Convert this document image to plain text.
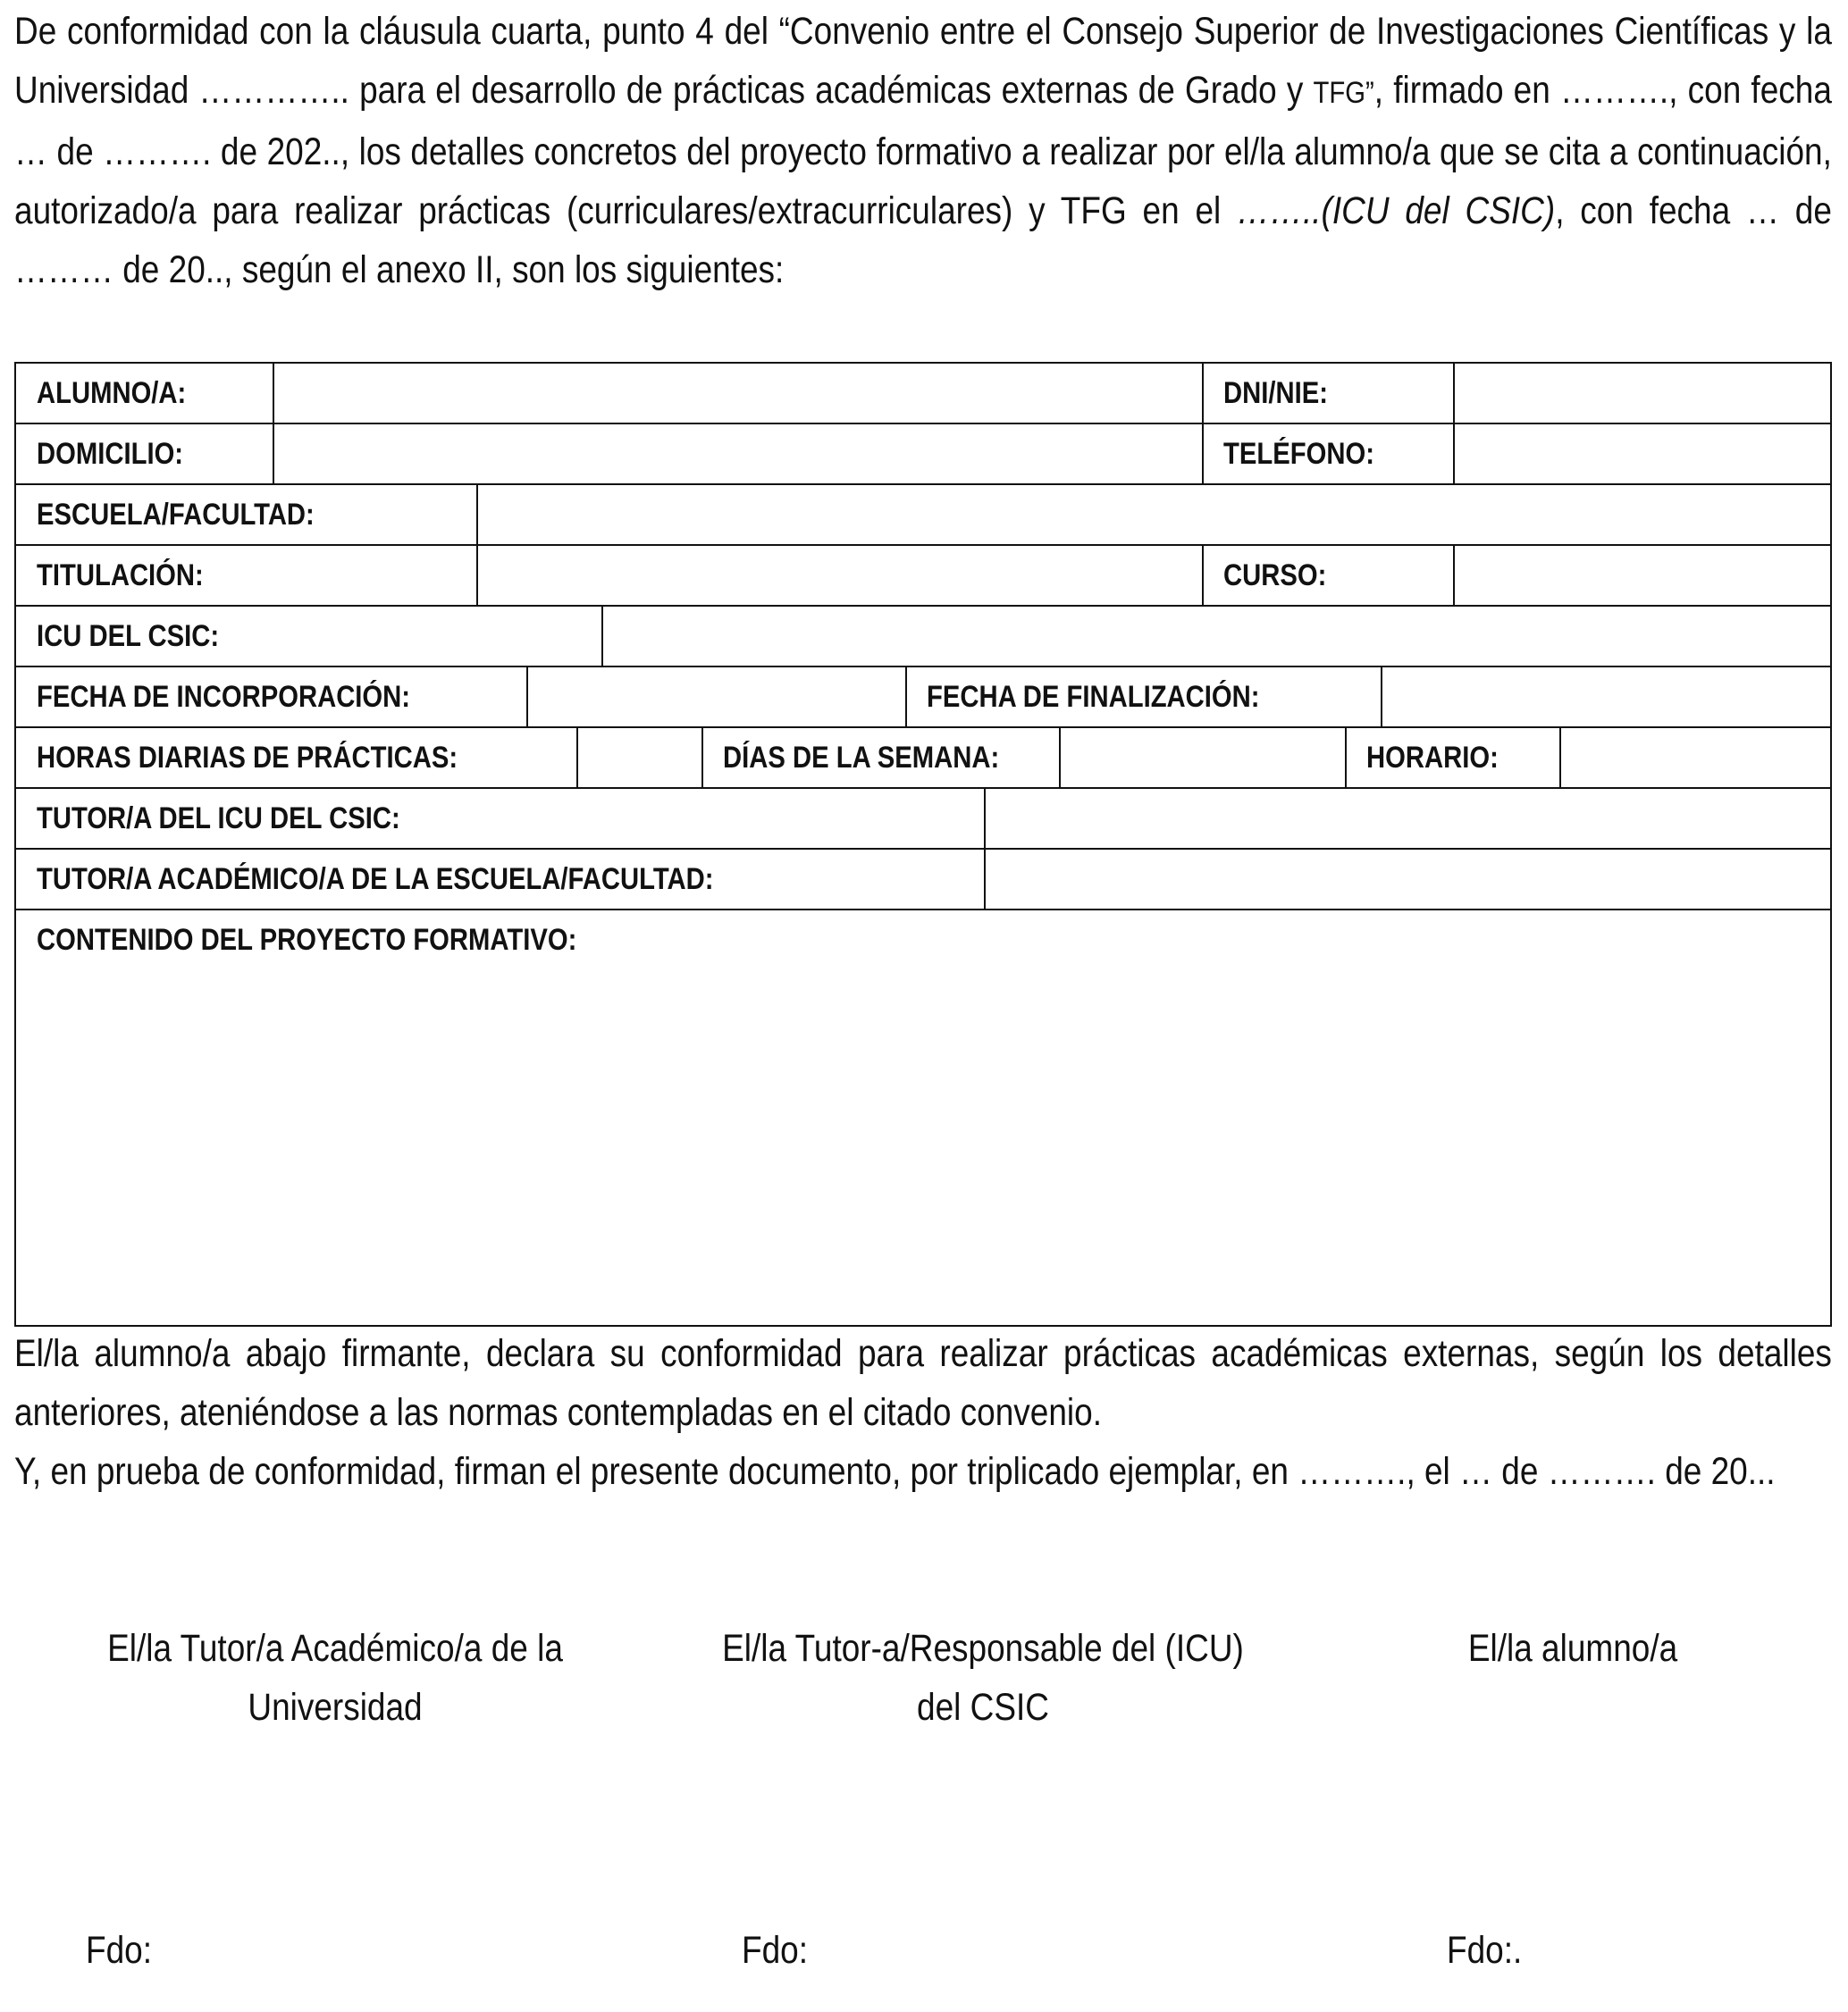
De conformidad con la cláusula cuarta, punto 4 del “Convenio entre el Consejo Superior de Investigaciones Científicas y la Universidad ………….. para el desarrollo de prácticas académicas externas de Grado y TFG”, firmado en ………., con fecha … de ………. de 202.., los detalles concretos del proyecto formativo a realizar por el/la alumno/a que se cita a continuación, autorizado/a para realizar prácticas (curriculares/extracurriculares) y TFG en el ……..(ICU del CSIC), con fecha … de ……… de 20.., según el anexo II, son los siguientes:
ALUMNO/A:	DNI/NIE:
DOMICILIO:	TELÉFONO:
ESCUELA/FACULTAD:
TITULACIÓN:	CURSO:
ICU DEL CSIC:
FECHA DE INCORPORACIÓN:	FECHA DE FINALIZACIÓN:
HORAS DIARIAS DE PRÁCTICAS:	DÍAS DE LA SEMANA:	HORARIO:
TUTOR/A DEL ICU DEL CSIC:
TUTOR/A ACADÉMICO/A DE LA ESCUELA/FACULTAD:
CONTENIDO DEL PROYECTO FORMATIVO:
El/la alumno/a abajo firmante, declara su conformidad para realizar prácticas académicas externas, según los detalles anteriores, ateniéndose a las normas contempladas en el citado convenio.
Y, en prueba de conformidad, firman el presente documento, por triplicado ejemplar, en ………., el … de ………. de 20...
El/la Tutor/a Académico/a de la
Universidad
El/la Tutor-a/Responsable del (ICU)
del CSIC
El/la alumno/a
Fdo:	Fdo:	Fdo:.
